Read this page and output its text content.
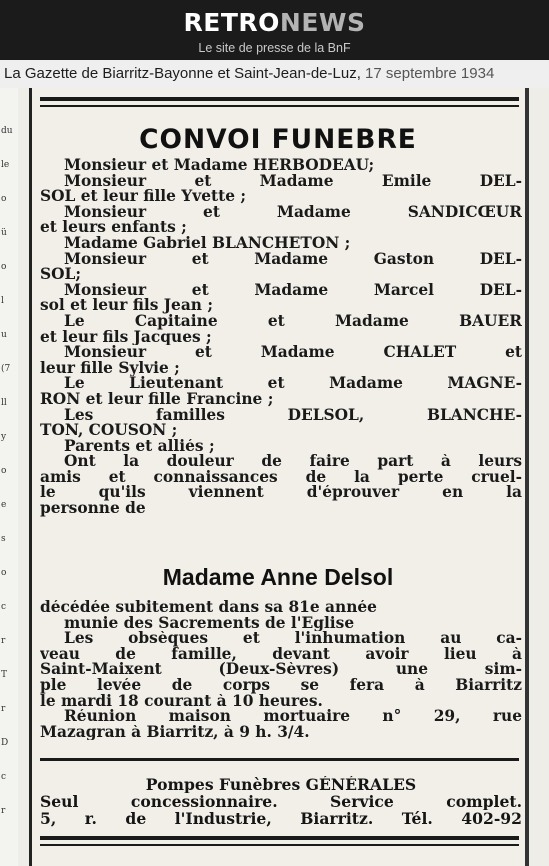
RETRONEWS
Le site de presse de la BnF
La Gazette de Biarritz-Bayonne et Saint-Jean-de-Luz, 17 septembre 1934
du
le
o
ü
o
l
u
(7
ll
y
o
e
s
o
c
r
T
r
D
c
r
CONVOI FUNEBRE
Monsieur et Madame HERBODEAU;
Monsieur et Madame Emile DEL-
SOL et leur fille Yvette ;
Monsieur et Madame SANDICŒUR
et leurs enfants ;
Madame Gabriel BLANCHETON ;
Monsieur et Madame Gaston DEL-
SOL;
Monsieur et Madame Marcel DEL-
sol et leur fils Jean ;
Le Capitaine et Madame BAUER
et leur fils Jacques ;
Monsieur et Madame CHALET et
leur fille Sylvie ;
Le Lieutenant et Madame MAGNE-
RON et leur fille Francine ;
Les familles DELSOL, BLANCHE-
TON, COUSON ;
Parents et alliés ;
Ont la douleur de faire part à leurs
amis et connaissances de la perte cruel-
le qu'ils viennent d'éprouver en la
personne de
Madame Anne Delsol
décédée subitement dans sa 81e année
munie des Sacrements de l'Eglise
Les obsèques et l'inhumation au ca-
veau de famille, devant avoir lieu à
Saint-Maixent (Deux-Sèvres) une sim-
ple levée de corps se fera à Biarritz
le mardi 18 courant à 10 heures.
Réunion maison mortuaire n° 29, rue
Mazagran à Biarritz, à 9 h. 3/4.
Pompes Funèbres GÉNÉRALES
Seul concessionnaire. Service complet.
5, r. de l'Industrie, Biarritz. Tél. 402-92
